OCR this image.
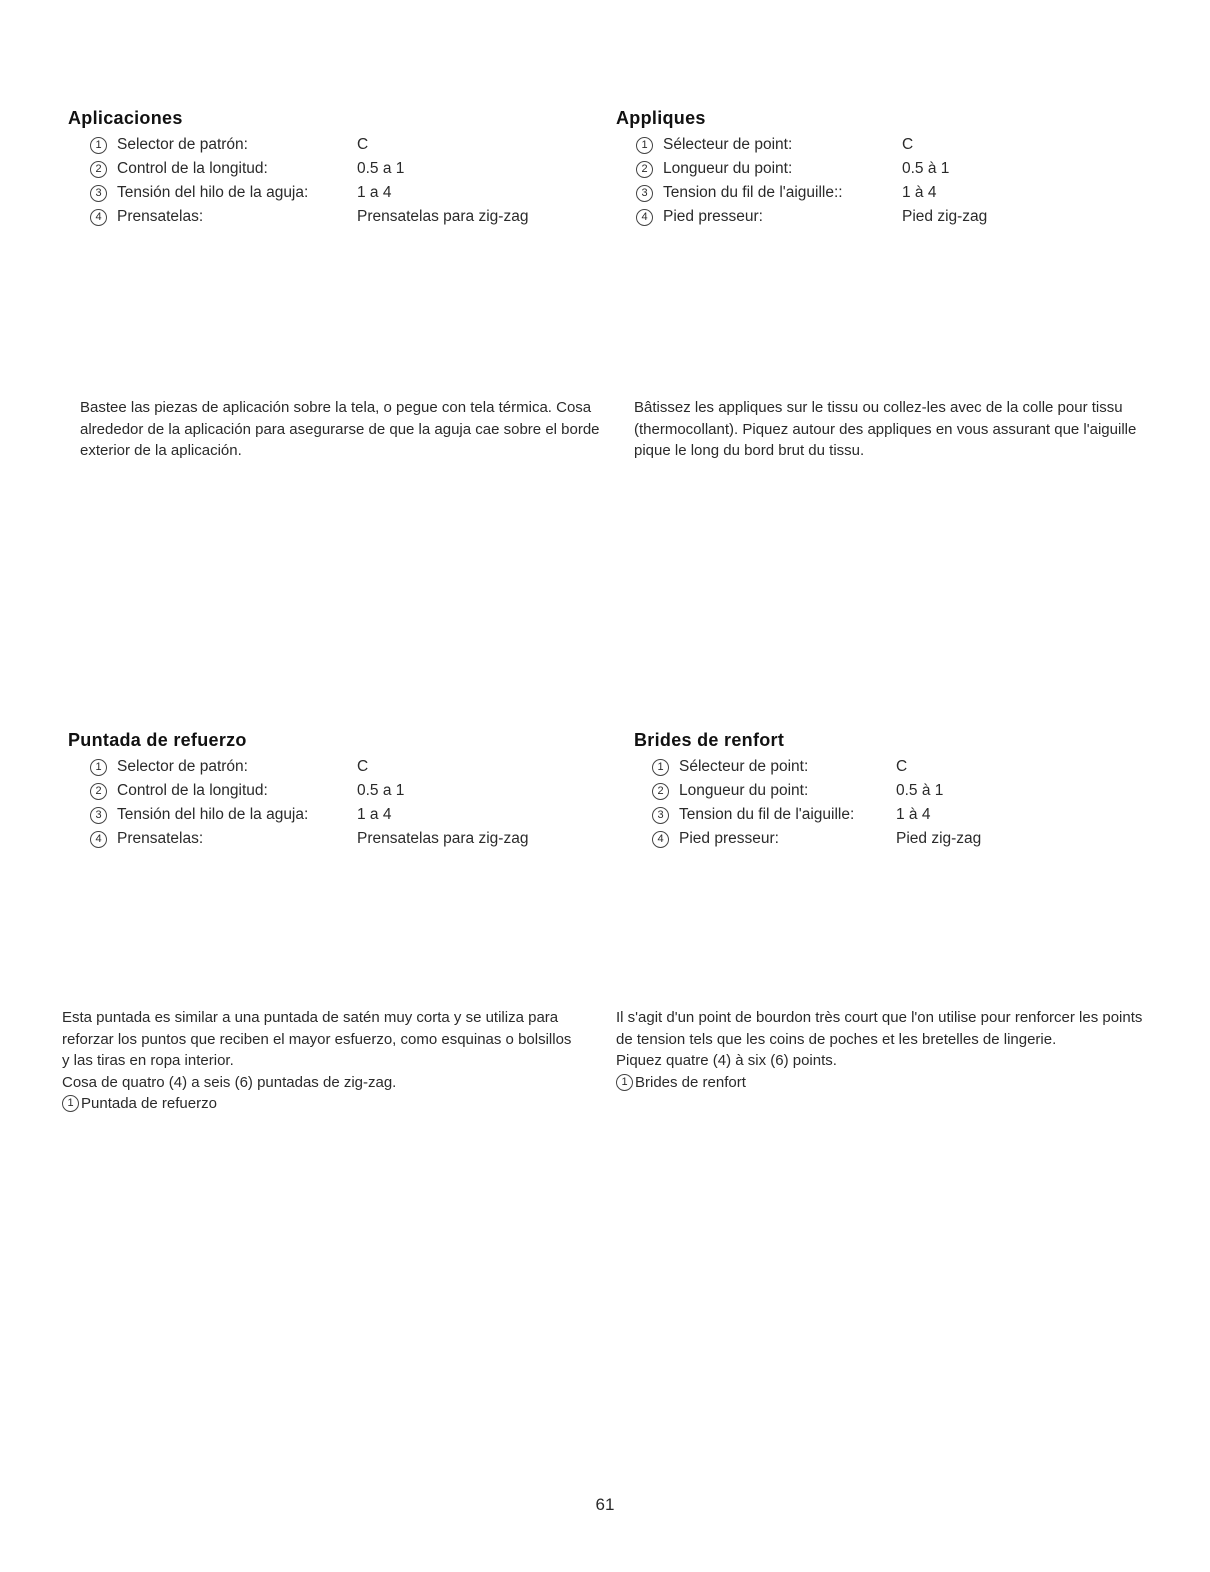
Aplicaciones
1 Selector de patrón:	C
2 Control de la longitud:	0.5 a 1
3 Tensión del hilo de la aguja:	1 a 4
4 Prensatelas:	Prensatelas para zig-zag
Appliques
1 Sélecteur de point:	C
2 Longueur du point:	0.5 à 1
3 Tension du fil de l'aiguille::	1 à 4
4 Pied presseur:	Pied zig-zag

Bastee las piezas de aplicación sobre la tela, o pegue con tela térmica. Cosa alrededor de la aplicación para asegurarse de que la aguja cae sobre el borde exterior de la aplicación.

Bâtissez les appliques sur le tissu ou collez-les avec de la colle pour tissu (thermocollant). Piquez autour des appliques en vous assurant que l'aiguille pique le long du bord brut du tissu.

Puntada de refuerzo
1 Selector de patrón:	C
2 Control de la longitud:	0.5 a 1
3 Tensión del hilo de la aguja:	1 a 4
4 Prensatelas:	Prensatelas para zig-zag
Brides de renfort
1 Sélecteur de point:	C
2 Longueur du point:	0.5 à 1
3 Tension du fil de l'aiguille:	1 à 4
4 Pied presseur:	Pied zig-zag

Esta puntada es similar a una puntada de satén muy corta y se utiliza para reforzar los puntos que reciben el mayor esfuerzo, como esquinas o bolsillos y las tiras en ropa interior.

Cosa de quatro (4) a seis (6) puntadas de zig-zag.

1 Puntada de refuerzo

Il s'agit d'un point de bourdon très court que l'on utilise pour renforcer les points de tension tels que les coins de poches et les bretelles de lingerie.

Piquez quatre (4) à six (6) points.

1 Brides de renfort

61
